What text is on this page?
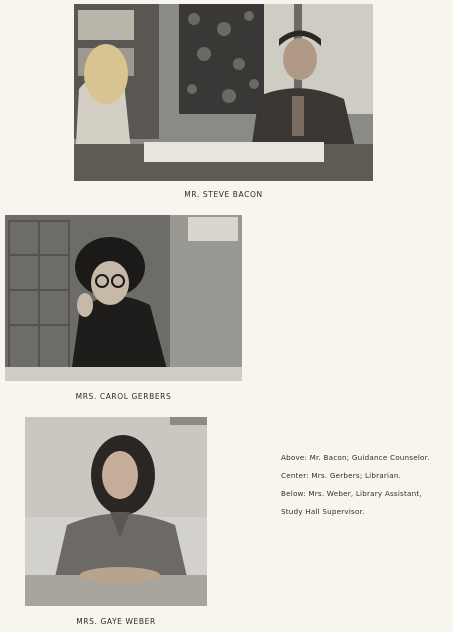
MR. STEVE BACON
MRS. CAROL GERBERS
MRS. GAYE WEBER
Above: Mr. Bacon; Guidance Counselor.
Center: Mrs. Gerbers; Librarian.
Below: Mrs. Weber, Library Assistant,
Study Hall Supervisor.
